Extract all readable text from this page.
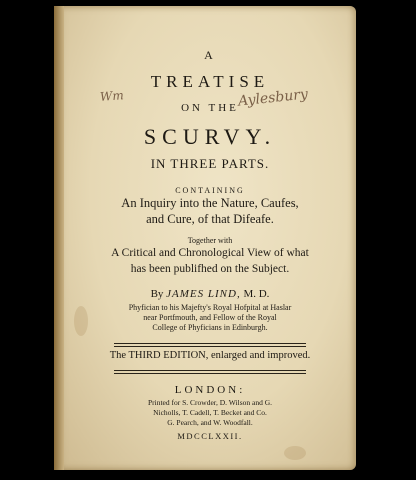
Wm	Aylesbury
A
TREATISE
ON THE
SCURVY.
IN THREE PARTS.
CONTAINING
An Inquiry into the Nature, Caufes,
and Cure, of that Difeafe.
Together with
A Critical and Chronological View of what
has been publifhed on the Subject.
By JAMES LIND, M. D.
Phyfician to his Majefty's Royal Hofpital at Haslar
near Portfmouth, and Fellow of the Royal
College of Phyficians in Edinburgh.
The THIRD EDITION, enlarged and improved.
LONDON:
Printed for S. Crowder, D. Wilson and G.
Nicholls, T. Cadell, T. Becket and Co.
G. Pearch, and W. Woodfall.
MDCCLXXII.
